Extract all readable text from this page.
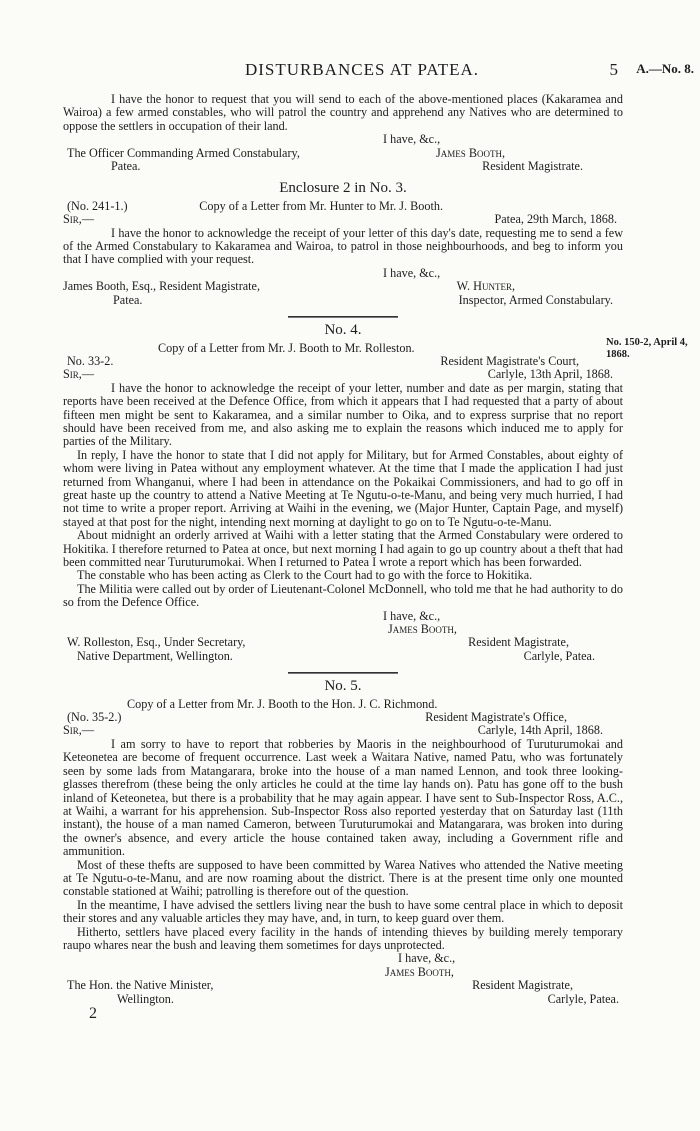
DISTURBANCES AT PATEA.	5 A.—No. 8.
No. 150-2, April 4, 1868.

I have the honor to request that you will send to each of the above-mentioned places (Kakaramea and Wairoa) a few armed constables, who will patrol the country and apprehend any Natives who are determined to oppose the settlers in occupation of their land.

I have, &c.,
The Officer Commanding Armed Constabulary,	James Booth,
Patea.	Resident Magistrate.
Enclosure 2 in No. 3.
(No. 241-1.)	Copy of a Letter from Mr. Hunter to Mr. J. Booth.
Sir,—	Patea, 29th March, 1868.

I have the honor to acknowledge the receipt of your letter of this day's date, requesting me to send a few of the Armed Constabulary to Kakaramea and Wairoa, to patrol in those neighbourhoods, and beg to inform you that I have complied with your request.

I have, &c.,
James Booth, Esq., Resident Magistrate,	W. Hunter,
Patea.	Inspector, Armed Constabulary.
No. 4.
Copy of a Letter from Mr. J. Booth to Mr. Rolleston.
No. 33-2.	Resident Magistrate's Court,
Sir,—	Carlyle, 13th April, 1868.

I have the honor to acknowledge the receipt of your letter, number and date as per margin, stating that reports have been received at the Defence Office, from which it appears that I had requested that a party of about fifteen men might be sent to Kakaramea, and a similar number to Oika, and to express surprise that no report should have been received from me, and also asking me to explain the reasons which induced me to apply for parties of the Military.

In reply, I have the honor to state that I did not apply for Military, but for Armed Constables, about eighty of whom were living in Patea without any employment whatever. At the time that I made the application I had just returned from Whanganui, where I had been in attendance on the Pokaikai Commissioners, and had to go off in great haste up the country to attend a Native Meeting at Te Ngutu-o-te-Manu, and being very much hurried, I had not time to write a proper report. Arriving at Waihi in the evening, we (Major Hunter, Captain Page, and myself) stayed at that post for the night, intending next morning at daylight to go on to Te Ngutu-o-te-Manu.

About midnight an orderly arrived at Waihi with a letter stating that the Armed Constabulary were ordered to Hokitika. I therefore returned to Patea at once, but next morning I had again to go up country about a theft that had been committed near Turuturumokai. When I returned to Patea I wrote a report which has been forwarded.

The constable who has been acting as Clerk to the Court had to go with the force to Hokitika.

The Militia were called out by order of Lieutenant-Colonel McDonnell, who told me that he had authority to do so from the Defence Office.

I have, &c.,
James Booth,
W. Rolleston, Esq., Under Secretary,	Resident Magistrate,
Native Department, Wellington.	Carlyle, Patea.
No. 5.
Copy of a Letter from Mr. J. Booth to the Hon. J. C. Richmond.
(No. 35-2.)	Resident Magistrate's Office,
Sir,—	Carlyle, 14th April, 1868.

I am sorry to have to report that robberies by Maoris in the neighbourhood of Turuturumokai and Keteonetea are become of frequent occurrence. Last week a Waitara Native, named Patu, who was fortunately seen by some lads from Matangarara, broke into the house of a man named Lennon, and took three looking-glasses therefrom (these being the only articles he could at the time lay hands on). Patu has gone off to the bush inland of Keteonetea, but there is a probability that he may again appear. I have sent to Sub-Inspector Ross, A.C., at Waihi, a warrant for his apprehension. Sub-Inspector Ross also reported yesterday that on Saturday last (11th instant), the house of a man named Cameron, between Turuturumokai and Matangarara, was broken into during the owner's absence, and every article the house contained taken away, including a Government rifle and ammunition.

Most of these thefts are supposed to have been committed by Warea Natives who attended the Native meeting at Te Ngutu-o-te-Manu, and are now roaming about the district. There is at the present time only one mounted constable stationed at Waihi; patrolling is therefore out of the question.

In the meantime, I have advised the settlers living near the bush to have some central place in which to deposit their stores and any valuable articles they may have, and, in turn, to keep guard over them.

Hitherto, settlers have placed every facility in the hands of intending thieves by building merely temporary raupo whares near the bush and leaving them sometimes for days unprotected.

I have, &c.,
James Booth,
The Hon. the Native Minister,	Resident Magistrate,
Wellington.	Carlyle, Patea.
2
